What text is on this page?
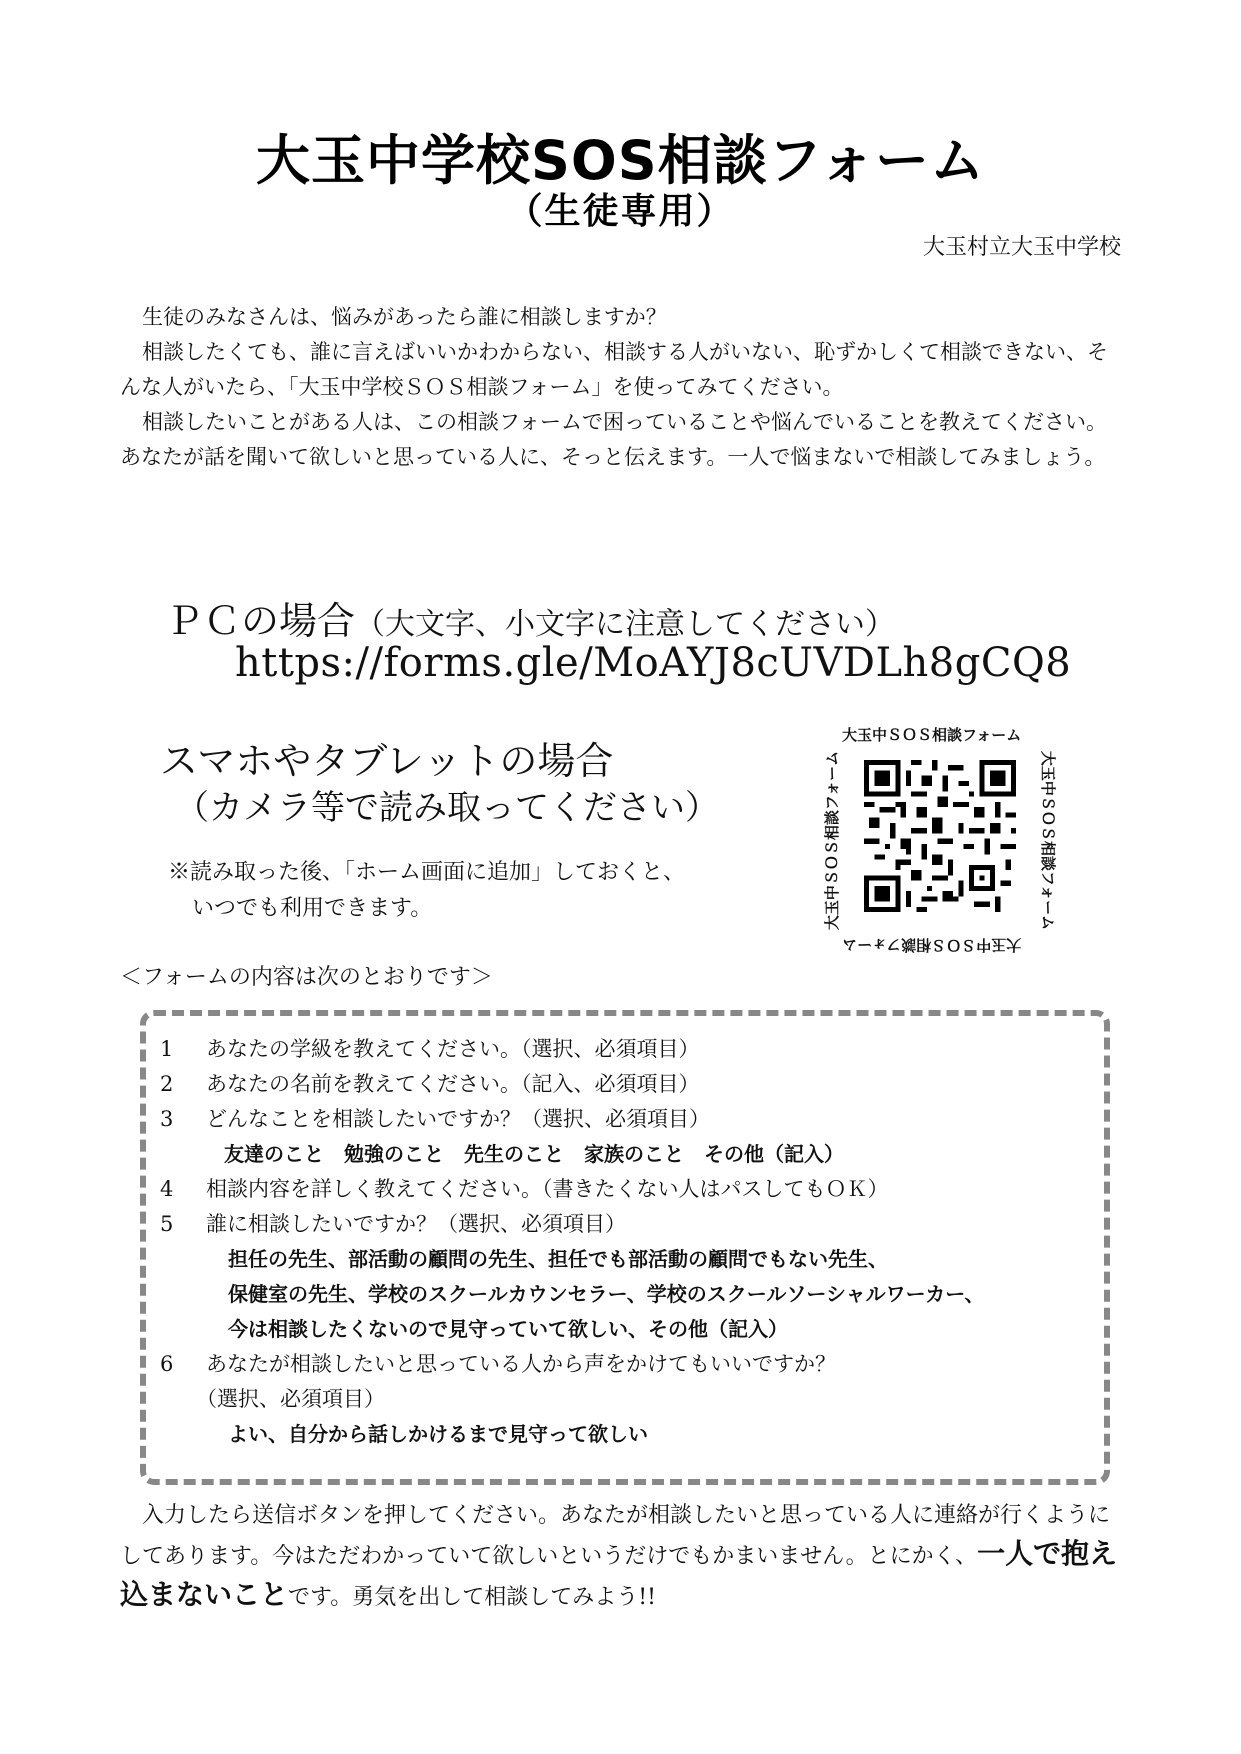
大玉中学校SOS相談フォーム
（生徒専用）
大玉村立大玉中学校

生徒のみなさんは、悩みがあったら誰に相談しますか？

相談したくても、誰に言えばいいかわからない、相談する人がいない、恥ずかしくて相談できない、そんな人がいたら、「大玉中学校ＳＯＳ相談フォーム」を使ってみてください。

相談したいことがある人は、この相談フォームで困っていることや悩んでいることを教えてください。あなたが話を聞いて欲しいと思っている人に、そっと伝えます。一人で悩まないで相談してみましょう。

ＰＣの場合（大文字、小文字に注意してください）
https://forms.gle/MoAYJ8cUVDLh8gCQ8
スマホやタブレットの場合
（カメラ等で読み取ってください）
※読み取った後、「ホーム画面に追加」しておくと、
いつでも利用できます。
大玉中ＳＯＳ相談フォーム
大玉中ＳＯＳ相談フォーム
大玉中ＳＯＳ相談フォーム
大玉中ＳＯＳ相談フォーム
＜フォームの内容は次のとおりです＞
1 あなたの学級を教えてください。（選択、必須項目）
2 あなたの名前を教えてください。（記入、必須項目）
3 どんなことを相談したいですか？（選択、必須項目）
友達のこと　勉強のこと　先生のこと　家族のこと　その他（記入）
4 相談内容を詳しく教えてください。（書きたくない人はパスしてもＯＫ）
5 誰に相談したいですか？（選択、必須項目）
担任の先生、部活動の顧問の先生、担任でも部活動の顧問でもない先生、
保健室の先生、学校のスクールカウンセラー、学校のスクールソーシャルワーカー、
今は相談したくないので見守っていて欲しい、その他（記入）
6 あなたが相談したいと思っている人から声をかけてもいいですか？
（選択、必須項目）
よい、自分から話しかけるまで見守って欲しい

入力したら送信ボタンを押してください。あなたが相談したいと思っている人に連絡が行くようにしてあります。今はただわかっていて欲しいというだけでもかまいません。とにかく、一人で抱え込まないことです。勇気を出して相談してみよう!!
